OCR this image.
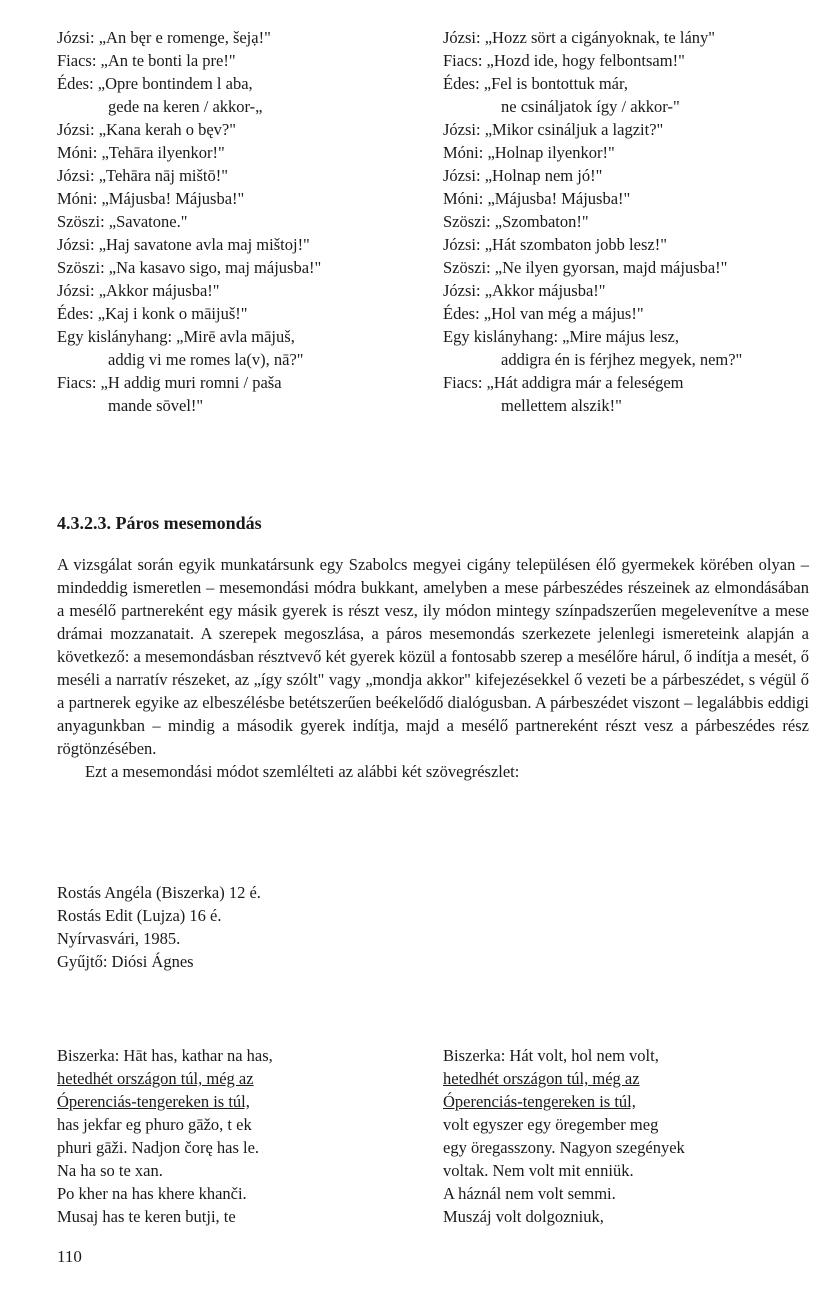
Józsi: „An bęr e romenge, šejạ!"
Fiacs: „An te bonti la pre!"
Édes: „Opre bontindem l aba,
gede na keren / akkor-„
Józsi: „Kana kerah o bęv?"
Móni: „Tehāra ilyenkor!"
Józsi: „Tehāra nāj mištō!"
Móni: „Májusba! Májusba!"
Szöszi: „Savatone."
Józsi: „Haj savatone avla maj mištoj!"
Szöszi: „Na kasavo sigo, maj májusba!"
Józsi: „Akkor májusba!"
Édes: „Kaj i konk o māijuš!"
Egy kislányhang: „Mirē avla mājuš,
addig vi me romes la(v), nā?"
Fiacs: „H addig muri romni / paša
mande sōvel!"
Józsi: „Hozz sört a cigányoknak, te lány"
Fiacs: „Hozd ide, hogy felbontsam!"
Édes: „Fel is bontottuk már,
ne csináljatok így / akkor-"
Józsi: „Mikor csináljuk a lagzit?"
Móni: „Holnap ilyenkor!"
Józsi: „Holnap nem jó!"
Móni: „Májusba! Májusba!"
Szöszi: „Szombaton!"
Józsi: „Hát szombaton jobb lesz!"
Szöszi: „Ne ilyen gyorsan, majd májusba!"
Józsi: „Akkor májusba!"
Édes: „Hol van még a május!"
Egy kislányhang: „Mire május lesz,
addigra én is férjhez megyek, nem?"
Fiacs: „Hát addigra már a feleségem
mellettem alszik!"
4.3.2.3. Páros mesemondás

A vizsgálat során egyik munkatársunk egy Szabolcs megyei cigány településen élő gyermekek körében olyan – mindeddig ismeretlen – mesemondási módra bukkant, amelyben a mese párbeszédes részeinek az elmondásában a mesélő partnereként egy másik gyerek is részt vesz, ily módon mintegy színpadszerűen megelevenítve a mese drámai mozzanatait. A szerepek megoszlása, a páros mesemondás szerkezete jelenlegi ismereteink alapján a következő: a mesemondásban résztvevő két gyerek közül a fontosabb szerep a mesélőre hárul, ő indítja a mesét, ő meséli a narratív részeket, az „így szólt" vagy „mondja akkor" kifejezésekkel ő vezeti be a párbeszédet, s végül ő a partnerek egyike az elbeszélésbe betétszerűen beékelődő dialógusban. A párbeszédet viszont – legalábbis eddigi anyagunkban – mindig a második gyerek indítja, majd a mesélő partnereként részt vesz a párbeszédes rész rögtönzésében.

Ezt a mesemondási módot szemlélteti az alábbi két szövegrészlet:

Rostás Angéla (Biszerka) 12 é.
Rostás Edit (Lujza) 16 é.
Nyírvasvári, 1985.
Gyűjtő: Diósi Ágnes
Biszerka: Hāt has, kathar na has,
hetedhét országon túl, még az
Óperenciás-tengereken is túl,
has jekfar eg phuro gāžo, t ek
phuri gāži. Nadjon čorę has le.
Na ha so te xan.
Po kher na has khere khanči.
Musaj has te keren butji, te
Biszerka: Hát volt, hol nem volt,
hetedhét országon túl, még az
Óperenciás-tengereken is túl,
volt egyszer egy öregember meg
egy öregasszony. Nagyon szegények
voltak. Nem volt mit enniük.
A háznál nem volt semmi.
Muszáj volt dolgozniuk,
110
